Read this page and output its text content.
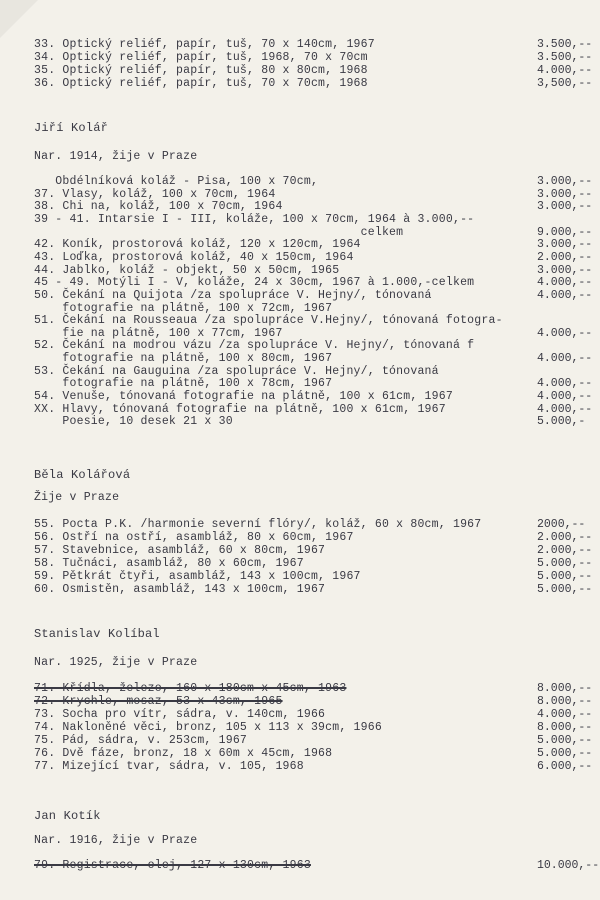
33. Optický reliéf, papír, tuš, 70 x 140cm, 1967	3.500,--
34. Optický reliéf, papír, tuš, 1968, 70 x 70cm	3.500,--
35. Optický reliéf, papír, tuš, 80 x 80cm, 1968	4.000,--
36. Optický reliéf, papír, tuš, 70 x 70cm, 1968	3,500,--
Jiří Kolář
Nar. 1914, žije v Praze
Obdélníková koláž - Pisa, 100 x 70cm,	3.000,--
37. Vlasy, koláž, 100 x 70cm, 1964	3.000,--
38. Chi na, koláž, 100 x 70cm, 1964	3.000,--
39 - 41. Intarsie I - III, koláže, 100 x 70cm, 1964 à 3.000,--
celkem	9.000,--
42. Koník, prostorová koláž, 120 x 120cm, 1964	3.000,--
43. Loďka, prostorová koláž, 40 x 150cm, 1964	2.000,--
44. Jablko, koláž - objekt, 50 x 50cm, 1965	3.000,--
45 - 49. Motýli I - V, koláže, 24 x 30cm, 1967 à 1.000,-celkem	4.000,--
50. Čekání na Quijota /za spolupráce V. Hejny/, tónovaná	4.000,--
fotografie na plátně, 100 x 72cm, 1967
51. Čekání na Rousseaua /za spolupráce V.Hejny/, tónovaná fotogra-
fie na plátně, 100 x 77cm, 1967	4.000,--
52. Čekání na modrou vázu /za spolupráce V. Hejny/, tónovaná f
fotografie na plátně, 100 x 80cm, 1967	4.000,--
53. Čekání na Gauguina /za spolupráce V. Hejny/, tónovaná
fotografie na plátně, 100 x 78cm, 1967	4.000,--
54. Venuše, tónovaná fotografie na plátně, 100 x 61cm, 1967	4.000,--
XX. Hlavy, tónovaná fotografie na plátně, 100 x 61cm, 1967	4.000,--
Poesie, 10 desek 21 x 30	5.000,-
Běla Kolářová
Žije v Praze
55. Pocta P.K. /harmonie severní flóry/, koláž, 60 x 80cm, 1967	2000,--
56. Ostří na ostří, asambláž, 80 x 60cm, 1967	2.000,--
57. Stavebnice, asambláž, 60 x 80cm, 1967	2.000,--
58. Tučnáci, asambláž, 80 x 60cm, 1967	5.000,--
59. Pětkrát čtyři, asambláž, 143 x 100cm, 1967	5.000,--
60. Osmistěn, asambláž, 143 x 100cm, 1967	5.000,--
Stanislav Kolíbal
Nar. 1925, žije v Praze
71. Křídla, železo, 160 x 180cm x 45cm, 1963	8.000,--
72. Krychle, mosaz, 53 x 43cm, 1965	8.000,--
73. Socha pro vítr, sádra, v. 140cm, 1966	4.000,--
74. Nakloněné věci, bronz, 105 x 113 x 39cm, 1966	8.000,--
75. Pád, sádra, v. 253cm, 1967	5.000,--
76. Dvě fáze, bronz, 18 x 60m x 45cm, 1968	5.000,--
77. Mizející tvar, sádra, v. 105, 1968	6.000,--
Jan Kotík
Nar. 1916, žije v Praze
79. Registrace, olej, 127 x 130cm, 1963	10.000,--
